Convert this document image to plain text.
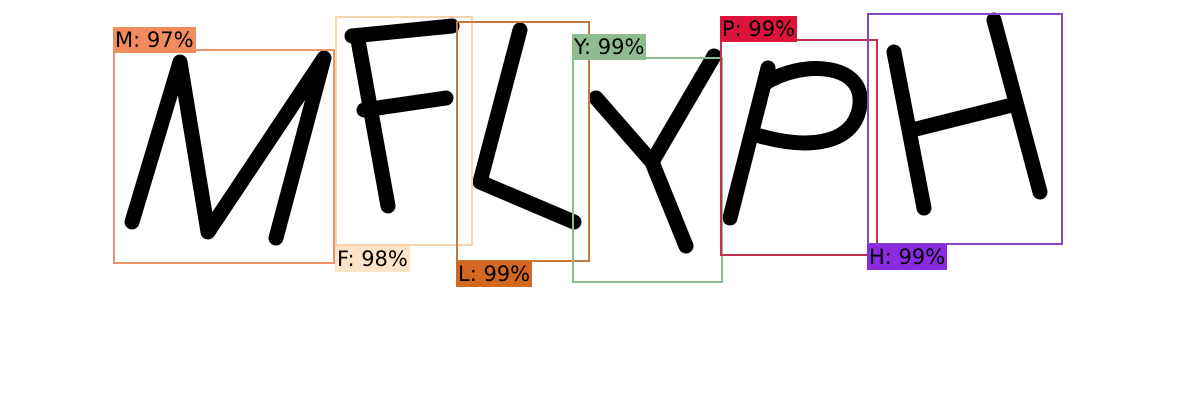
M: 97%
F: 98%
L: 99%
Y: 99%
P: 99%
H: 99%
